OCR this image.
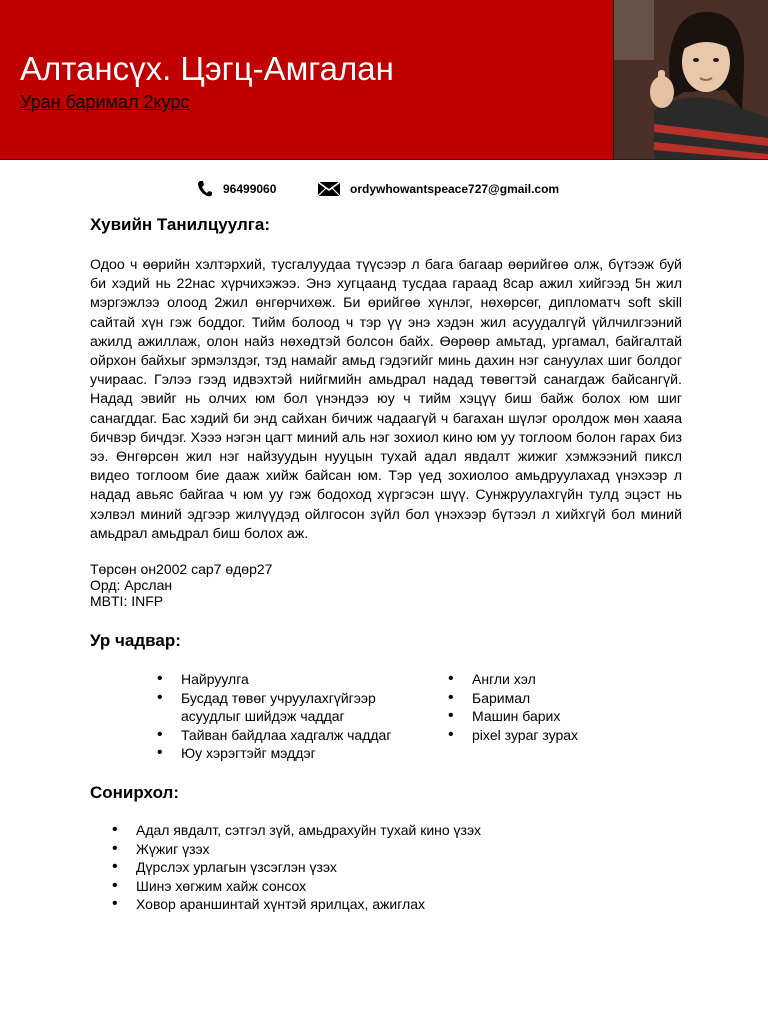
Алтансүх. Цэгц-Амгалан
Уран баримал 2курс
96499060	ordywhowantspeace727@gmail.com
Хувийн Танилцуулга:

Одоо ч өөрийн хэлтэрхий, тусгалуудаа түүсээр л бага багаар өөрийгөө олж, бүтээж буй би хэдий нь 22нас хүрчихэжээ. Энэ хугцаанд тусдаа гараад 8сар ажил хийгээд 5н жил мэргэжлээ олоод 2жил өнгөрчихөж. Би өрийгөө хүнлэг, нөхөрсөг, дипломатч soft skill сайтай хүн гэж боддог. Тийм болоод ч тэр үү энэ хэдэн жил асуудалгүй үйлчилгээний ажилд ажиллаж, олон найз нөхөдтэй болсон байх. Өөрөөр амьтад, ургамал, байгалтай ойрхон байхыг эрмэлздэг, тэд намайг амьд гэдэгийг минь дахин нэг сануулах шиг болдог учираас. Гэлээ гээд идвэхтэй нийгмийн амьдрал надад төвөгтэй санагдаж байсангүй. Надад эвийг нь олчих юм бол үнэндээ юу ч тийм хэцүү биш байж болох юм шиг санагддаг. Бас хэдий би энд сайхан бичиж чадаагүй ч багахан шүлэг оролдож мөн хааяа бичвэр бичдэг. Хэээ нэгэн цагт миний аль нэг зохиол кино юм уу тоглоом болон гарах биз ээ. Өнгөрсөн жил нэг найзуудын нууцын тухай адал явдалт жижиг хэмжээний пиксл видео тоглоом бие дааж хийж байсан юм. Тэр үед зохиолоо амьдруулахад үнэхээр л надад авьяс байгаа ч юм уу гэж бодоход хүргэсэн шүү. Сунжруулахгүйн тулд эцэст нь хэлвэл миний эдгээр жилүүдэд ойлгосон зүйл бол үнэхээр бүтээл л хийхгүй бол миний амьдрал амьдрал биш болох аж.

Төрсөн он2002 сар7 өдөр27
Орд: Арслан
MBTI: INFP
Ур чадвар:
• Найруулга
• Бусдад төвөг учруулахгүйгээр асуудлыг шийдэж чаддаг
• Тайван байдлаа хадгалж чаддаг
• Юу хэрэгтэйг мэддэг
• Англи хэл
• Баримал
• Машин барих
• pixel зураг зурах
Сонирхол:
• Адал явдалт, сэтгэл зүй, амьдрахуйн тухай кино үзэх
• Жүжиг үзэх
• Дүрслэх урлагын үзсэглэн үзэх
• Шинэ хөгжим хайж сонсох
• Ховор араншинтай хүнтэй ярилцах, ажиглах
